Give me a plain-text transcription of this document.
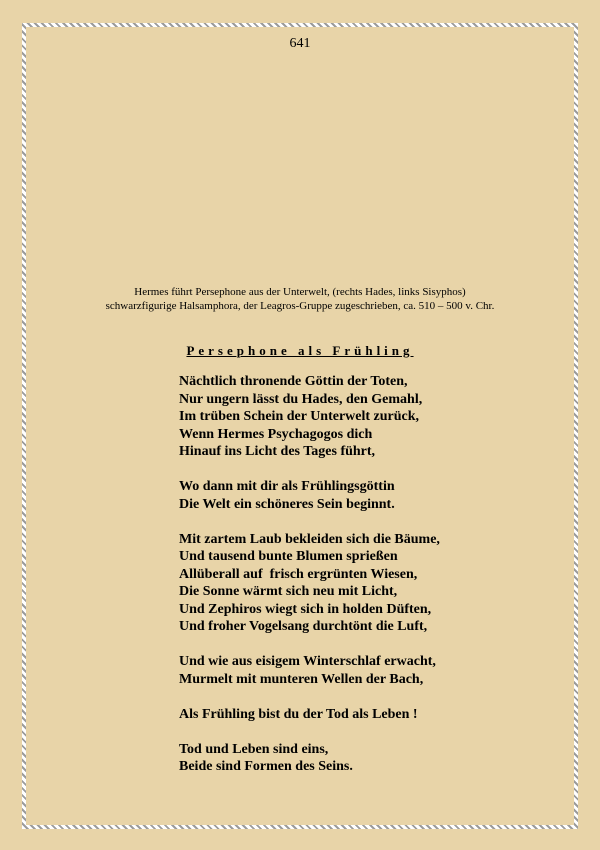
641
Hermes führt Persephone aus der Unterwelt, (rechts Hades, links Sisyphos)
schwarzfigurige Halsamphora, der Leagros-Gruppe zugeschrieben, ca. 510 – 500 v. Chr.
Persephone als Frühling
Nächtlich thronende Göttin der Toten,
Nur ungern lässt du Hades, den Gemahl,
Im trüben Schein der Unterwelt zurück,
Wenn Hermes Psychagogos dich
Hinauf ins Licht des Tages führt,
Wo dann mit dir als Frühlingsgöttin
Die Welt ein schöneres Sein beginnt.
Mit zartem Laub bekleiden sich die Bäume,
Und tausend bunte Blumen sprießen
Allüberall auf  frisch ergrünten Wiesen,
Die Sonne wärmt sich neu mit Licht,
Und Zephiros wiegt sich in holden Düften,
Und froher Vogelsang durchtönt die Luft,
Und wie aus eisigem Winterschlaf erwacht,
Murmelt mit munteren Wellen der Bach,
Als Frühling bist du der Tod als Leben !
Tod und Leben sind eins,
Beide sind Formen des Seins.
